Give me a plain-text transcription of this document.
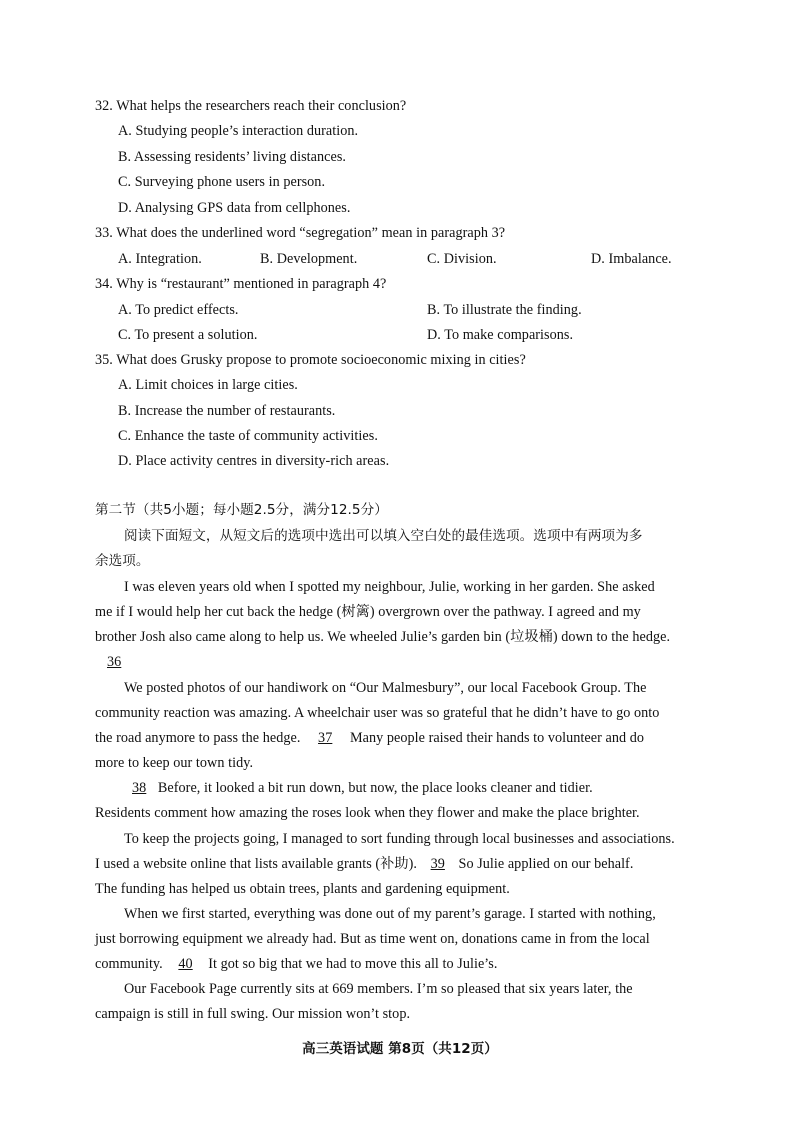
32. What helps the researchers reach their conclusion?
A. Studying people’s interaction duration.
B. Assessing residents’ living distances.
C. Surveying phone users in person.
D. Analysing GPS data from cellphones.
33. What does the underlined word “segregation” mean in paragraph 3?
A. Integration.	B. Development.	C. Division.	D. Imbalance.
34. Why is “restaurant” mentioned in paragraph 4?
A. To predict effects.	B. To illustrate the finding.
C. To present a solution.	D. To make comparisons.
35. What does Grusky propose to promote socioeconomic mixing in cities?
A. Limit choices in large cities.
B. Increase the number of restaurants.
C. Enhance the taste of community activities.
D. Place activity centres in diversity-rich areas.
第二节（共5小题；每小题2.5分，满分12.5分）
阅读下面短文，从短文后的选项中选出可以填入空白处的最佳选项。选项中有两项为多
余选项。
I was eleven years old when I spotted my neighbour, Julie, working in her garden. She asked
me if I would help her cut back the hedge (树篱) overgrown over the pathway. I agreed and my
brother Josh also came along to help us. We wheeled Julie’s garden bin (垃圾桶) down to the hedge.
36
We posted photos of our handiwork on “Our Malmesbury”, our local Facebook Group. The
community reaction was amazing. A wheelchair user was so grateful that he didn’t have to go onto
the road anymore to pass the hedge. 37 Many people raised their hands to volunteer and do
more to keep our town tidy.
38 Before, it looked a bit run down, but now, the place looks cleaner and tidier.
Residents comment how amazing the roses look when they flower and make the place brighter.
To keep the projects going, I managed to sort funding through local businesses and associations.
I used a website online that lists available grants (补助). 39 So Julie applied on our behalf.
The funding has helped us obtain trees, plants and gardening equipment.
When we first started, everything was done out of my parent’s garage. I started with nothing,
just borrowing equipment we already had. But as time went on, donations came in from the local
community. 40 It got so big that we had to move this all to Julie’s.
Our Facebook Page currently sits at 669 members. I’m so pleased that six years later, the
campaign is still in full swing. Our mission won’t stop.
高三英语试题 第8页（共12页）
